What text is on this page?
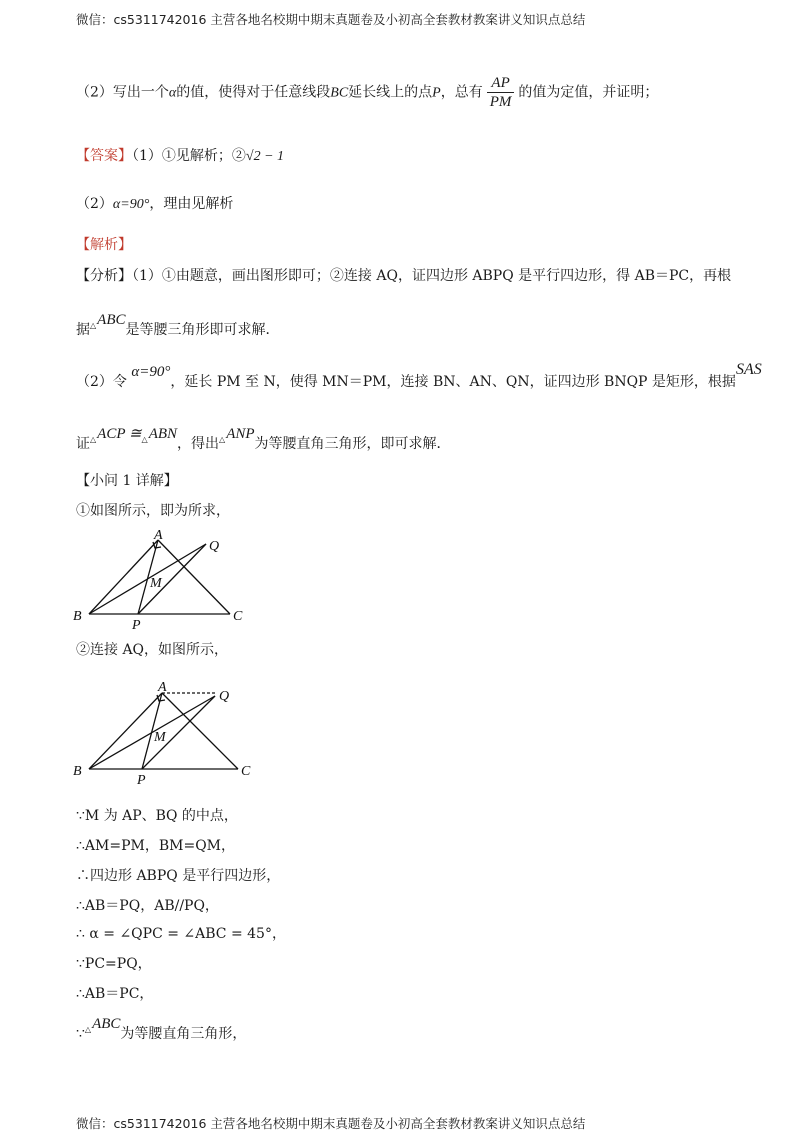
微信：cs5311742016 主营各地名校期中期末真题卷及小初高全套教材教案讲义知识点总结
（2）写出一个α的值，使得对于任意线段BC延长线上的点P，总有 $\frac{AP}{PM}$ 的值为定值，并证明；
【答案】（1）①见解析；②√2 − 1
（2）α=90°，理由见解析
【解析】
【分析】（1）①由题意，画出图形即可；②连接 AQ，证四边形 ABPQ 是平行四边形，得 AB＝PC，再根
据△ABC是等腰三角形即可求解．
（2）令 α=90°，延长 PM 至 N，使得 MN＝PM，连接 BN、AN、QN，证四边形 BNQP 是矩形，根据SAS
证△ACP ≅△ABN，得出△ANP为等腰直角三角形，即可求解．
【小问 1 详解】
①如图所示，即为所求，
A
B	C
P
Q
M
②连接 AQ，如图所示，
A
B	C
P
Q
M
∵M 为 AP、BQ 的中点，
∴AM=PM，BM=QM，
∴四边形 ABPQ 是平行四边形，
∴AB＝PQ，AB//PQ，
∴ α = ∠QPC = ∠ABC = 45°，
∵PC=PQ，
∴AB＝PC，
∵△ABC为等腰直角三角形，
微信：cs5311742016 主营各地名校期中期末真题卷及小初高全套教材教案讲义知识点总结
